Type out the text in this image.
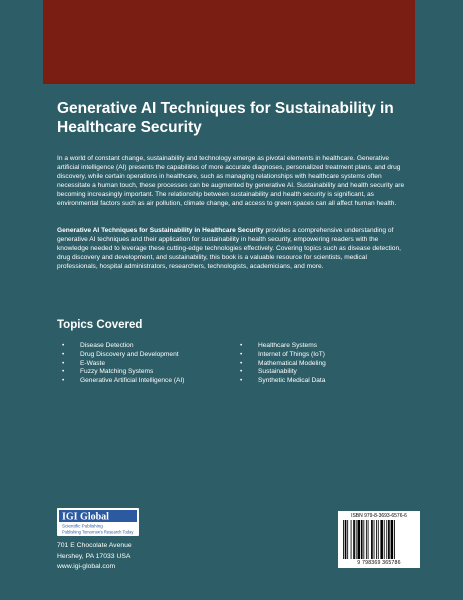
Generative AI Techniques for Sustainability in Healthcare Security

In a world of constant change, sustainability and technology emerge as pivotal elements in healthcare. Generative artificial intelligence (AI) presents the capabilities of more accurate diagnoses, personalized treatment plans, and drug discovery, while certain operations in healthcare, such as managing relationships with healthcare systems often necessitate a human touch, these processes can be augmented by generative AI. Sustainability and health security are becoming increasingly important. The relationship between sustainability and health security is significant, as environmental factors such as air pollution, climate change, and access to green spaces can all affect human health.

Generative AI Techniques for Sustainability in Healthcare Security provides a comprehensive understanding of generative AI techniques and their application for sustainability in health security, empowering readers with the knowledge needed to leverage these cutting-edge technologies effectively. Covering topics such as disease detection, drug discovery and development, and sustainability, this book is a valuable resource for scientists, medical professionals, hospital administrators, researchers, technologists, academicians, and more.

Topics Covered
• Disease Detection
• Drug Discovery and Development
• E-Waste
• Fuzzy Matching Systems
• Generative Artificial Intelligence (AI)
• Healthcare Systems
• Internet of Things (IoT)
• Mathematical Modeling
• Sustainability
• Synthetic Medical Data
IGI Global
Scientific Publishing
Publishing Tomorrow's Research Today
701 E Chocolate Avenue
Hershey, PA 17033 USA
www.igi-global.com
ISBN 979-8-3693-6576-6
9 798369 365786
